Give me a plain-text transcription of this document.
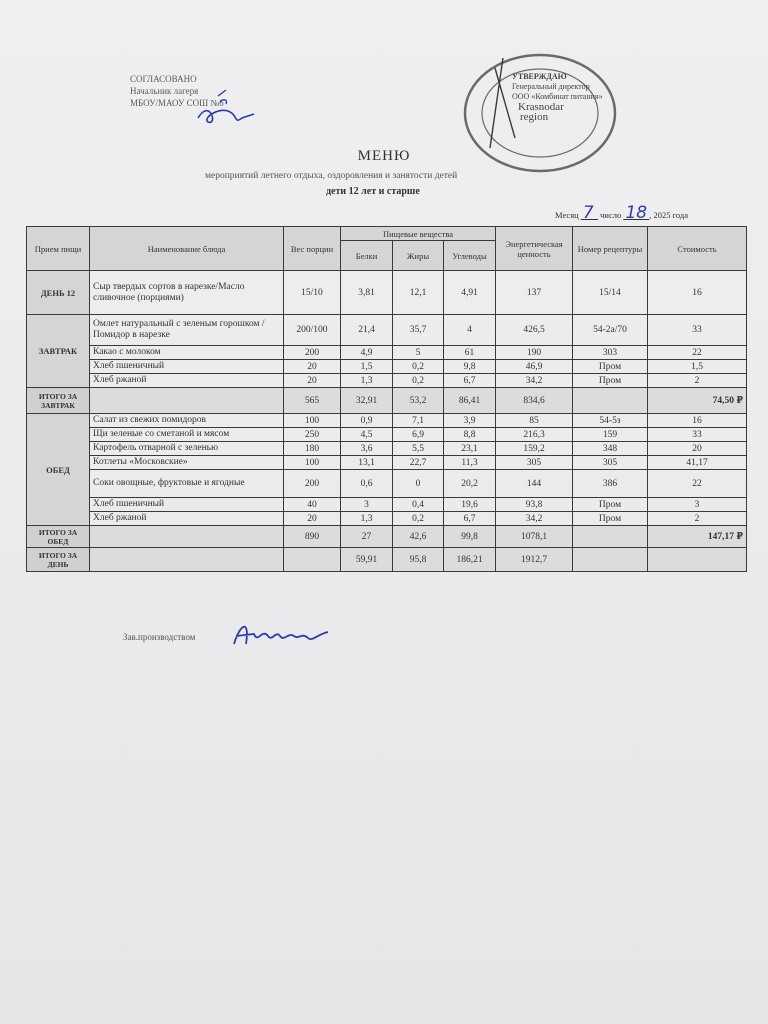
СОГЛАСОВАНО
Начальник лагеря
МБОУ/МАОУ СОШ №6
УТВЕРЖДАЮ
Генеральный директор
ООО «Комбинат питания»
Krasnodar
region
МЕНЮ
мероприятий летнего отдыха, оздоровления и занятости детей
дети 12 лет и старше
Месяц 7 число 18 , 2025 года
Прием пищи	Наименование блюда	Вес порции	Пищевые вещества			Энергетическая ценность	Номер рецептуры	Стоимость
			Белки	Жиры	Углеводы			
ДЕНЬ 12	Сыр твердых сортов в нарезке/Масло сливочное (порциями)	15/10	3,81	12,1	4,91	137	15/14	16
ЗАВТРАК	Омлет натуральный с зеленым горошком /Помидор в нарезке	200/100	21,4	35,7	4	426,5	54-2а/70	33
	Какао с молоком	200	4,9	5	61	190	303	22
	Хлеб пшеничный	20	1,5	0,2	9,8	46,9	Пром	1,5
	Хлеб ржаной	20	1,3	0,2	6,7	34,2	Пром	2
ИТОГО ЗА ЗАВТРАК		565	32,91	53,2	86,41	834,6		74,50 ₽
ОБЕД	Салат из свежих помидоров	100	0,9	7,1	3,9	85	54-5з	16
	Щи зеленые со сметаной и мясом	250	4,5	6,9	8,8	216,3	159	33
	Картофель отварной с зеленью	180	3,6	5,5	23,1	159,2	348	20
	Котлеты «Московские»	100	13,1	22,7	11,3	305	305	41,17
	Соки овощные, фруктовые и ягодные	200	0,6	0	20,2	144	386	22
	Хлеб пшеничный	40	3	0,4	19,6	93,8	Пром	3
	Хлеб ржаной	20	1,3	0,2	6,7	34,2	Пром	2
ИТОГО ЗА ОБЕД		890	27	42,6	99,8	1078,1		147,17 ₽
ИТОГО ЗА ДЕНЬ			59,91	95,8	186,21	1912,7		
Зав.производством
